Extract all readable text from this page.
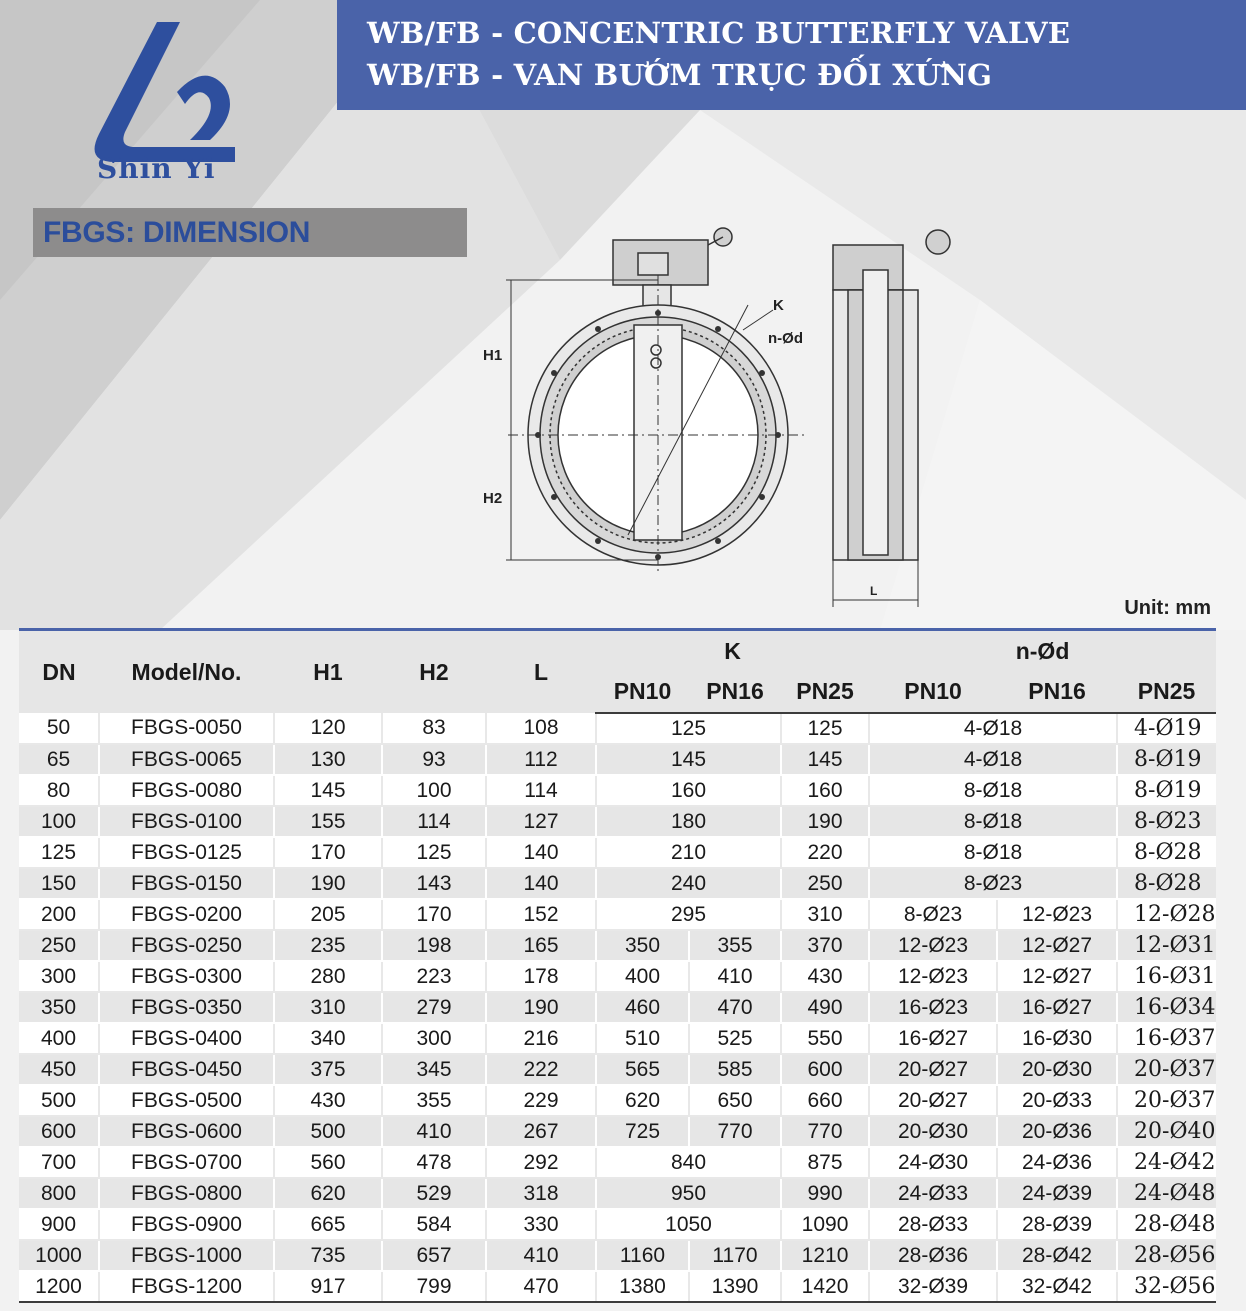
WB/FB - CONCENTRIC BUTTERFLY VALVE
WB/FB - VAN BƯỚM TRỤC ĐỐI XỨNG
Shin Yi
FBGS: DIMENSION
H1
H2
K
n-Ød
L
Unit: mm
DN	Model/No.	H1	H2	L	K			n-Ød		
					PN10	PN16	PN25	PN10	PN16	PN25
50	FBGS-0050	120	83	108	125		125	4-Ø18		4-Ø19
65	FBGS-0065	130	93	112	145		145	4-Ø18		8-Ø19
80	FBGS-0080	145	100	114	160		160	8-Ø18		8-Ø19
100	FBGS-0100	155	114	127	180		190	8-Ø18		8-Ø23
125	FBGS-0125	170	125	140	210		220	8-Ø18		8-Ø28
150	FBGS-0150	190	143	140	240		250	8-Ø23		8-Ø28
200	FBGS-0200	205	170	152	295		310	8-Ø23	12-Ø23	12-Ø28
250	FBGS-0250	235	198	165	350	355	370	12-Ø23	12-Ø27	12-Ø31
300	FBGS-0300	280	223	178	400	410	430	12-Ø23	12-Ø27	16-Ø31
350	FBGS-0350	310	279	190	460	470	490	16-Ø23	16-Ø27	16-Ø34
400	FBGS-0400	340	300	216	510	525	550	16-Ø27	16-Ø30	16-Ø37
450	FBGS-0450	375	345	222	565	585	600	20-Ø27	20-Ø30	20-Ø37
500	FBGS-0500	430	355	229	620	650	660	20-Ø27	20-Ø33	20-Ø37
600	FBGS-0600	500	410	267	725	770	770	20-Ø30	20-Ø36	20-Ø40
700	FBGS-0700	560	478	292	840		875	24-Ø30	24-Ø36	24-Ø42
800	FBGS-0800	620	529	318	950		990	24-Ø33	24-Ø39	24-Ø48
900	FBGS-0900	665	584	330	1050		1090	28-Ø33	28-Ø39	28-Ø48
1000	FBGS-1000	735	657	410	1160	1170	1210	28-Ø36	28-Ø42	28-Ø56
1200	FBGS-1200	917	799	470	1380	1390	1420	32-Ø39	32-Ø42	32-Ø56
